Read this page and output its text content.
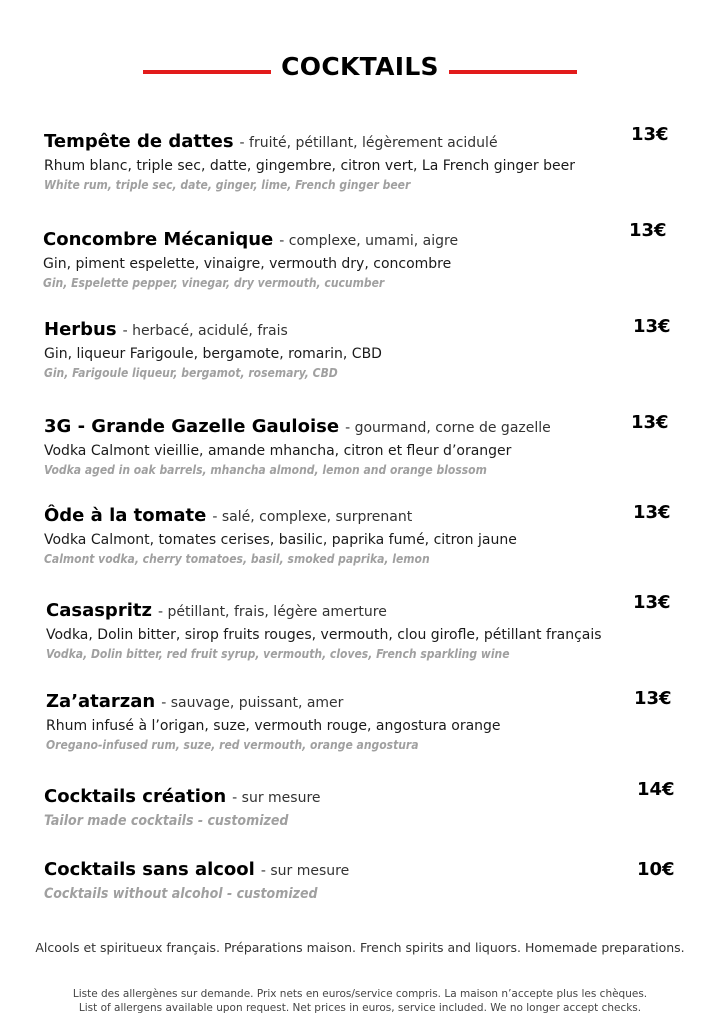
COCKTAILS
Tempête de dattes - fruité, pétillant, légèrement acidulé
Rhum blanc, triple sec, datte, gingembre, citron vert, La French ginger beer
White rum, triple sec, date, ginger, lime, French ginger beer
13€
Concombre Mécanique - complexe, umami, aigre
Gin, piment espelette, vinaigre, vermouth dry, concombre
Gin, Espelette pepper, vinegar, dry vermouth, cucumber
13€
Herbus - herbacé, acidulé, frais
Gin, liqueur Farigoule, bergamote, romarin, CBD
Gin, Farigoule liqueur, bergamot, rosemary, CBD
13€
3G - Grande Gazelle Gauloise - gourmand, corne de gazelle
Vodka Calmont vieillie, amande mhancha, citron et fleur d’oranger
Vodka aged in oak barrels, mhancha almond, lemon and orange blossom
13€
Ôde à la tomate - salé, complexe, surprenant
Vodka Calmont, tomates cerises, basilic, paprika fumé, citron jaune
Calmont vodka, cherry tomatoes, basil, smoked paprika, lemon
13€
Casaspritz - pétillant, frais, légère amerture
Vodka, Dolin bitter, sirop fruits rouges, vermouth, clou girofle, pétillant français
Vodka, Dolin bitter, red fruit syrup, vermouth, cloves, French sparkling wine
13€
Za’atarzan - sauvage, puissant, amer
Rhum infusé à l’origan, suze, vermouth rouge, angostura orange
Oregano-infused rum, suze, red vermouth, orange angostura
13€
Cocktails création - sur mesure
Tailor made cocktails - customized
14€
Cocktails sans alcool - sur mesure
Cocktails without alcohol - customized
10€
Alcools et spiritueux français. Préparations maison. French spirits and liquors. Homemade preparations.
Liste des allergènes sur demande. Prix nets en euros/service compris. La maison n’accepte plus les chèques.
List of allergens available upon request. Net prices in euros, service included. We no longer accept checks.
